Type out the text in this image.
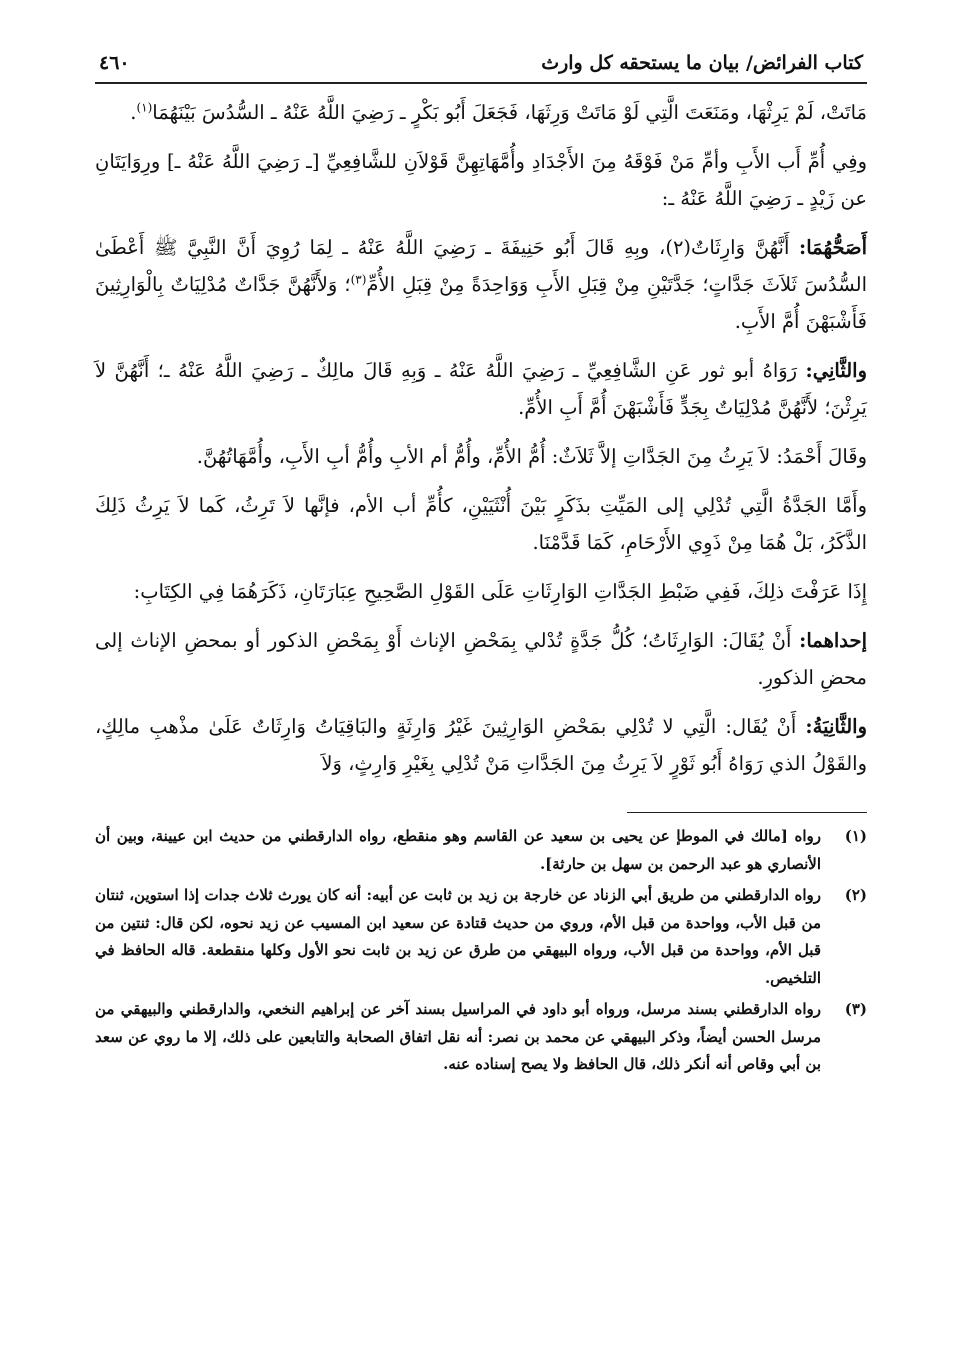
كتاب الفرائض/ بيان ما يستحقه كل وارث
٤٦٠

مَاتَتْ، لَمْ يَرِثْهَا، ومَنَعَتَ الَّتِي لَوْ مَاتَتْ وَرِثَهَا، فَجَعَلَ أَبُو بَكْرٍ ـ رَضِيَ اللَّهُ عَنْهُ ـ السُّدُسَ بَيْنَهُمَا$^{(١)}$.

وفِي أُمِّ أَب الأَبِ وأمِّ مَنْ فَوْقَهُ مِنَ الأَجْدَادِ وأُمَّهَاتِهِنَّ قَوْلاَنِ للشَّافِعِيِّ [ـ رَضِيَ اللَّهُ عَنْهُ ـ] ورِوَايَتَانِ عن زَيْدٍ ـ رَضِيَ اللَّهُ عَنْهُ ـ:

أَصَحُّهُمَا: أَنَّهُنَّ وَارِثَاتٌ(٢)، وبِهِ قَالَ أَبُو حَنِيفَةَ ـ رَضِيَ اللَّهُ عَنْهُ ـ لِمَا رُوِيَ أَنَّ النَّبِيَّ ﷺ أَعْطَىٰ السُّدُسَ ثَلاَثَ جَدَّاتٍ؛ جَدَّتَيْنِ مِنْ قِبَلِ الأَبِ وَوَاحِدَةً مِنْ قِبَلِ الأُمِّ$^{(٣)}$؛ وَلأَنَّهُنَّ جَدَّاتٌ مُدْلِيَاتٌ بِالْوَارِثِينَ فَأَشْبَهْنَ أُمَّ الأَبِ.

والثَّانِي: رَوَاهُ أبو ثور عَنِ الشَّافِعِيِّ ـ رَضِيَ اللَّهُ عَنْهُ ـ وَبِهِ قَالَ مالِكٌ ـ رَضِيَ اللَّهُ عَنْهُ ـ؛ أَنَّهُنَّ لاَ يَرِثْنَ؛ لأَنَّهُنَّ مُدْلِيَاتٌ بِجَدٍّ فَأَشْبَهْنَ أُمَّ أَبِ الأُمِّ.

وقَالَ أَحْمَدُ: لاَ يَرِثُ مِنَ الجَدَّاتِ إلاَّ ثَلاَثٌ: أُمُّ الأُمِّ، وأُمُّ أم الأبِ وأُمُّ أبِ الأَبِ، وأُمَّهَاتُهُنَّ.

وأَمَّا الجَدَّةُ الَّتِي تُدْلِي إلى المَيِّتِ بذَكَرٍ بَيْنَ أُنْثَيَيْنِ، كأُمِّ أب الأم، فإنَّها لاَ تَرِثُ، كَما لاَ يَرِثُ ذَلِكَ الذَّكَرُ، بَلْ هُمَا مِنْ ذَوِي الأَرْحَامِ، كَمَا قَدَّمْنَا.

إِذَا عَرَفْتَ ذلِكَ، فَفِي ضَبْطِ الجَدَّاتِ الوَارِثَاتِ عَلَى القَوْلِ الصَّحِيحِ عِبَارَتَانِ، ذَكَرَهُمَا فِي الكِتَابِ:

إحداهما: أَنْ يُقَالَ: الوَارِثَاتُ؛ كُلُّ جَدَّةٍ تُدْلي بِمَحْضِ الإناث أَوْ بِمَحْضِ الذكور أو بمحضِ الإناث إلى محضِ الذكورِ.

والثَّانِيَةُ: أَنْ يُقَال: الَّتِي لا تُدْلِي بمَحْضِ الوَارِثِينَ غَيْرُ وَارِثَةٍ والبَاقِيَاتُ وَارِثَاتٌ عَلَىٰ مذْهبِ مالِكٍ، والقَوْلُ الذي رَوَاهُ أَبُو ثَوْرٍ لاَ يَرِثُ مِنَ الجَدَّاتِ مَنْ تُدْلِي بِغَيْرِ وَارِثٍ، وَلاَ

(١)
رواه [مالك في الموطإ عن يحيى بن سعيد عن القاسم وهو منقطع، رواه الدارقطني من حديث ابن عيينة، وبين أن الأنصاري هو عبد الرحمن بن سهل بن حارثة].
(٢)
رواه الدارقطني من طريق أبي الزناد عن خارجة بن زيد بن ثابت عن أبيه: أنه كان يورث ثلاث جدات إذا استوين، ثنتان من قبل الأب، وواحدة من قبل الأم، وروي من حديث قتادة عن سعيد ابن المسيب عن زيد نحوه، لكن قال: ثنتين من قبل الأم، وواحدة من قبل الأب، ورواه البيهقي من طرق عن زيد بن ثابت نحو الأول وكلها منقطعة. قاله الحافظ في التلخيص.
(٣)
رواه الدارقطني بسند مرسل، ورواه أبو داود في المراسيل بسند آخر عن إبراهيم النخعي، والدارقطني والبيهقي من مرسل الحسن أيضاً، وذكر البيهقي عن محمد بن نصر: أنه نقل اتفاق الصحابة والتابعين على ذلك، إلا ما روي عن سعد بن أبي وقاص أنه أنكر ذلك، قال الحافظ ولا يصح إسناده عنه.
